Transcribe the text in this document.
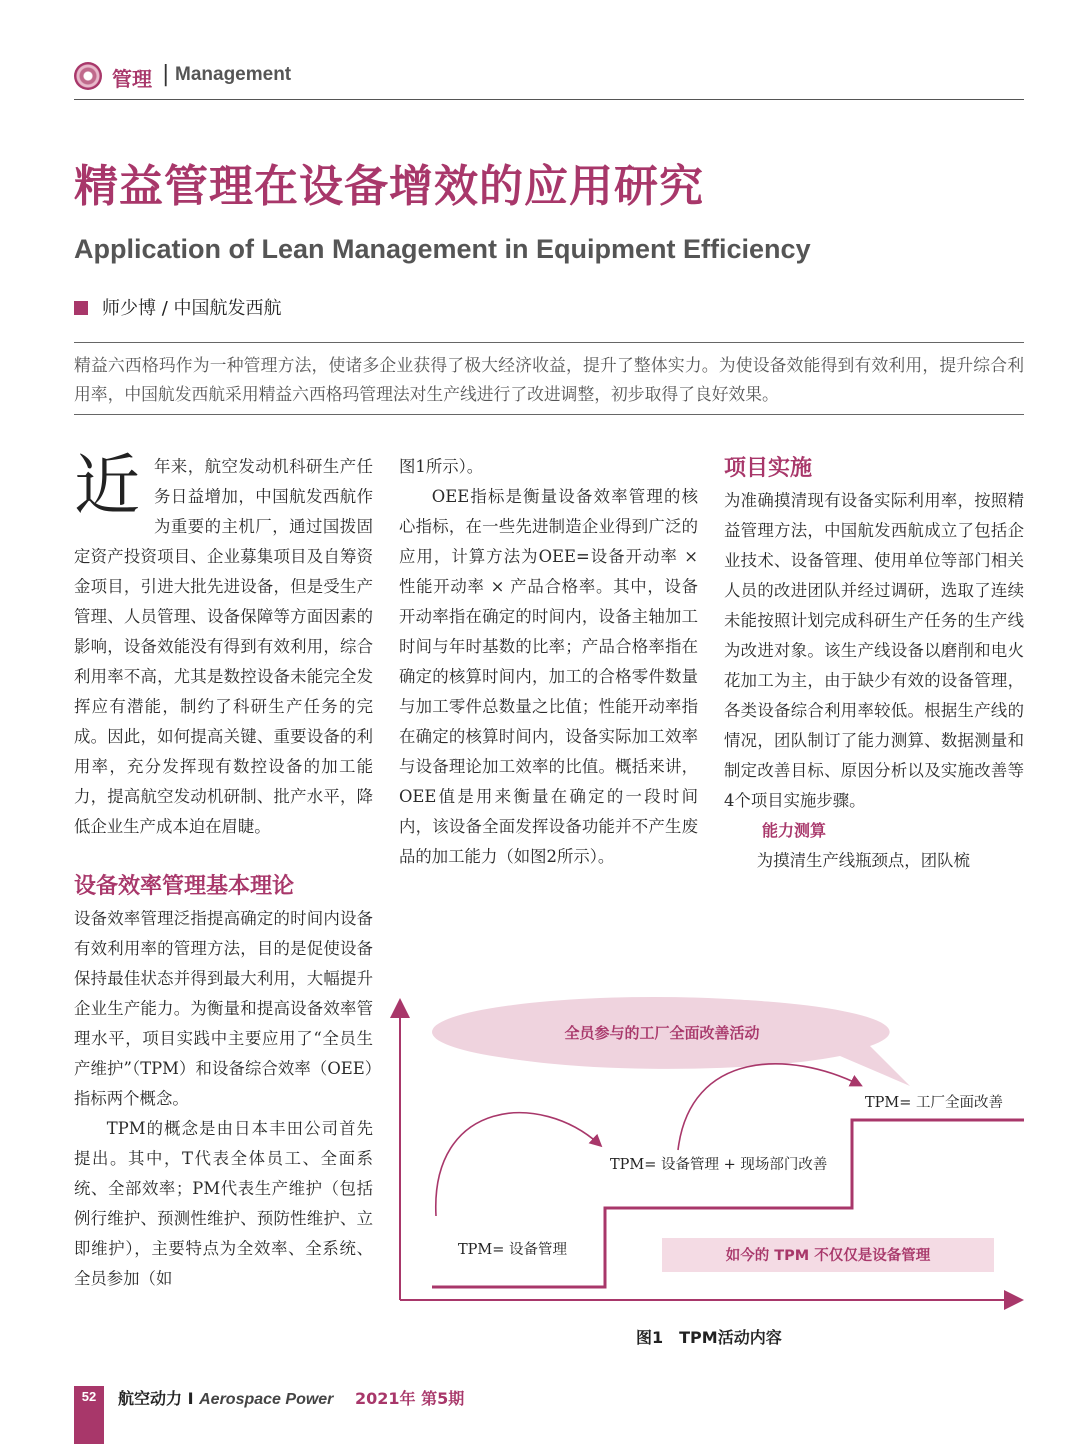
管理 | Management
精益管理在设备增效的应用研究
Application of Lean Management in Equipment Efficiency
师少博 / 中国航发西航
精益六西格玛作为一种管理方法，使诸多企业获得了极大经济收益，提升了整体实力。为使设备效能得到有效利用，提升综合利用率，中国航发西航采用精益六西格玛管理法对生产线进行了改进调整，初步取得了良好效果。

近年来，航空发动机科研生产任务日益增加，中国航发西航作为重要的主机厂，通过国拨固定资产投资项目、企业募集项目及自筹资金项目，引进大批先进设备，但是受生产管理、人员管理、设备保障等方面因素的影响，设备效能没有得到有效利用，综合利用率不高，尤其是数控设备未能完全发挥应有潜能，制约了科研生产任务的完成。因此，如何提高关键、重要设备的利用率，充分发挥现有数控设备的加工能力，提高航空发动机研制、批产水平，降低企业生产成本迫在眉睫。

设备效率管理基本理论

设备效率管理泛指提高确定的时间内设备有效利用率的管理方法，目的是促使设备保持最佳状态并得到最大利用，大幅提升企业生产能力。为衡量和提高设备效率管理水平，项目实践中主要应用了“全员生产维护”（TPM）和设备综合效率（OEE）指标两个概念。

TPM的概念是由日本丰田公司首先提出。其中，T代表全体员工、全面系统、全部效率；PM代表生产维护（包括例行维护、预测性维护、预防性维护、立即维护），主要特点为全效率、全系统、全员参加（如

图1所示）。

OEE指标是衡量设备效率管理的核心指标，在一些先进制造企业得到广泛的应用，计算方法为OEE=设备开动率 × 性能开动率 × 产品合格率。其中，设备开动率指在确定的时间内，设备主轴加工时间与年时基数的比率；产品合格率指在确定的核算时间内，加工的合格零件数量与加工零件总数量之比值；性能开动率指在确定的核算时间内，设备实际加工效率与设备理论加工效率的比值。概括来讲，OEE值是用来衡量在确定的一段时间内，该设备全面发挥设备功能并不产生废品的加工能力（如图2所示）。

项目实施

为准确摸清现有设备实际利用率，按照精益管理方法，中国航发西航成立了包括企业技术、设备管理、使用单位等部门相关人员的改进团队并经过调研，选取了连续未能按照计划完成科研生产任务的生产线为改进对象。该生产线设备以磨削和电火花加工为主，由于缺少有效的设备管理，各类设备综合利用率较低。根据生产线的情况，团队制订了能力测算、数据测量和制定改善目标、原因分析以及实施改善等4个项目实施步骤。

能力测算

为摸清生产线瓶颈点，团队梳

全员参与的工厂全面改善活动
TPM= 设备管理
TPM= 设备管理 + 现场部门改善
TPM= 工厂全面改善
如今的 TPM 不仅仅是设备管理
图1　TPM活动内容
52	航空动力 I Aerospace Power 2021年 第5期
